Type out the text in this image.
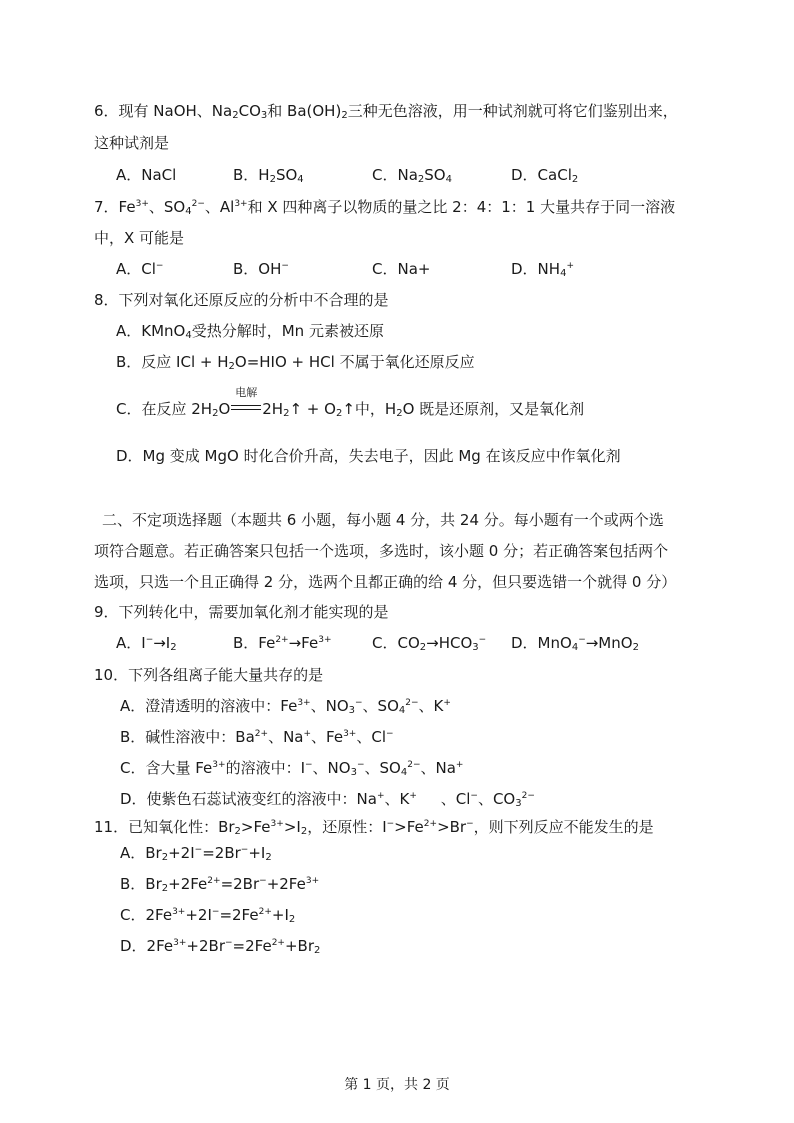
6．现有 NaOH、$Na_2CO_3$和 $Ba(OH)_2$三种无色溶液，用一种试剂就可将它们鉴别出来，
这种试剂是
A．NaCl	B．$H_2SO_4$	C．$Na_2SO_4$	D．CaCl$_2$
7．$Fe^{3+}$、$SO_4^{2-}$、$Al^{3+}$和 X 四种离子以物质的量之比 2：4：1：1 大量共存于同一溶液
中，X 可能是
A．Cl−	B．OH−	C．Na+	D．$NH_4^+$
8．下列对氧化还原反应的分析中不合理的是
A．KMnO$_4$受热分解时，Mn 元素被还原
B．反应 ICl + $H_2O=HIO$ + HCl 不属于氧化还原反应
C．在反应 $2H_2O$
电解
$2H_2↑$ + $O_2↑$中，$H_2O$ 既是还原剂，又是氧化剂
D．Mg 变成 MgO 时化合价升高，失去电子，因此 Mg 在该反应中作氧化剂
二、不定项选择题（本题共 6 小题，每小题 4 分，共 24 分。每小题有一个或两个选
项符合题意。若正确答案只包括一个选项，多选时，该小题 0 分；若正确答案包括两个
选项，只选一个且正确得 2 分，选两个且都正确的给 4 分，但只要选错一个就得 0 分）
9．下列转化中，需要加氧化剂才能实现的是
A．$I^-\to I_2$	B．$Fe^{2+}\to Fe^{3+}$	C．$CO_2\to HCO_3^-$ D．MnO$_4$−→MnO$_2$
10．下列各组离子能大量共存的是
A．澄清透明的溶液中：$Fe^{3+}$、$NO_3^-$、$SO_4^{2-}$、K+
B．碱性溶液中：$Ba^{2+}$、Na+、$Fe^{3+}$、Cl−
C．含大量 $Fe^{3+}$的溶液中：I−、$NO_3^-$、$SO_4^{2-}$、Na+
D．使紫色石蕊试液变红的溶液中：Na+、K+     、Cl−、$CO_3^{2-}$
11．已知氧化性：$Br_2>Fe^{3+}>I_2$，还原性：$I^->Fe^{2+}>Br^-$，则下列反应不能发生的是
A．$Br_2+2I^-=2Br^-+I_2$
B．$Br_2+2Fe^{2+}=2Br^-+2Fe^{3+}$
C．$2Fe^{3+}+2I^-=2Fe^{2+}+I_2$
D．$2Fe^{3+}+2Br^-=2Fe^{2+}+Br_2$
第 1 页，共 2 页
